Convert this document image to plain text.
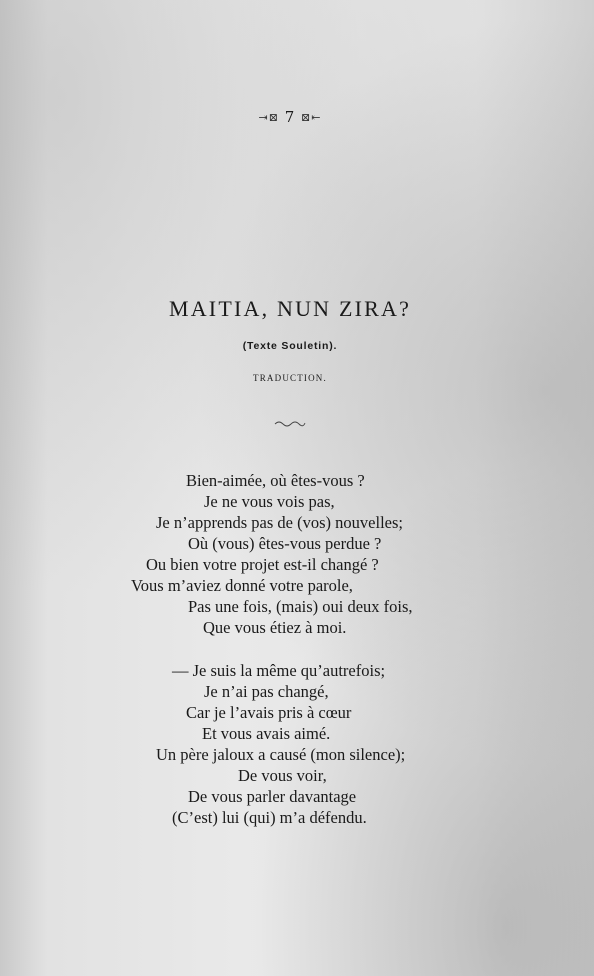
⇥⊠ 7 ⊠⇤
MAITIA, NUN ZIRA?
(Texte Souletin).
TRADUCTION.
Bien-aimée, où êtes-vous ?
Je ne vous vois pas,
Je n’apprends pas de (vos) nouvelles;
Où (vous) êtes-vous perdue ?
Ou bien votre projet est-il changé ?
Vous m’aviez donné votre parole,
Pas une fois, (mais) oui deux fois,
Que vous étiez à moi.
— Je suis la même qu’autrefois;
Je n’ai pas changé,
Car je l’avais pris à cœur
Et vous avais aimé.
Un père jaloux a causé (mon silence);
De vous voir,
De vous parler davantage
(C’est) lui (qui) m’a défendu.
